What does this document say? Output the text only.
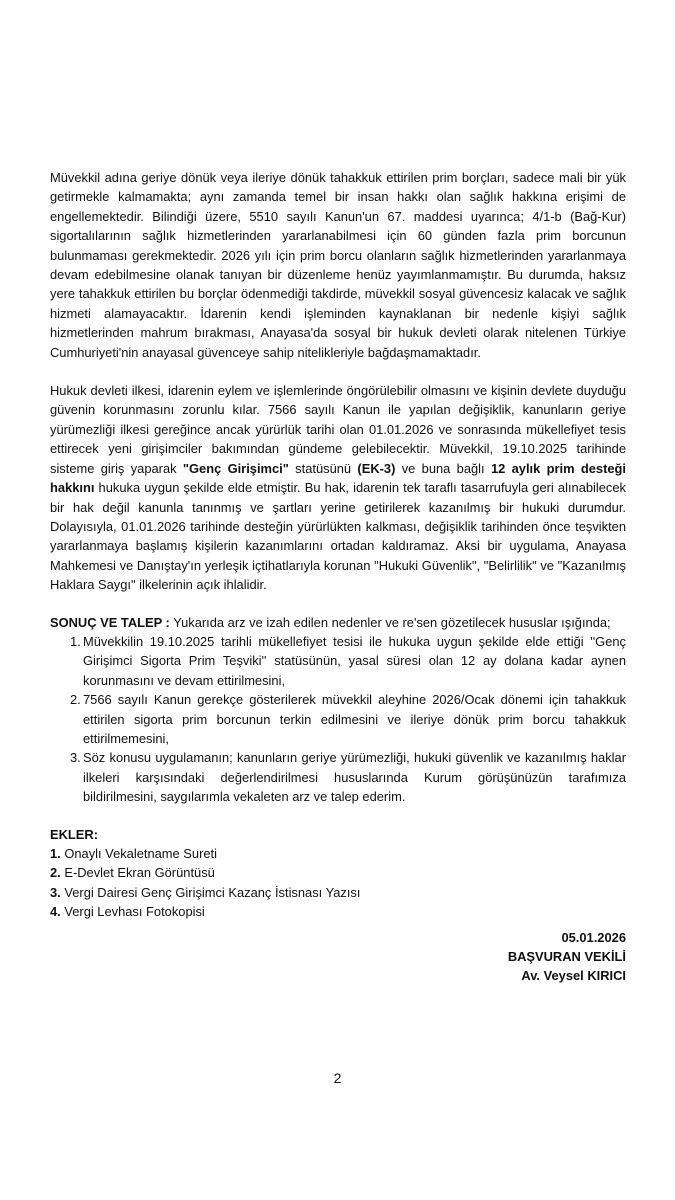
Müvekkil adına geriye dönük veya ileriye dönük tahakkuk ettirilen prim borçları, sadece mali bir yük getirmekle kalmamakta; aynı zamanda temel bir insan hakkı olan sağlık hakkına erişimi de engellemektedir. Bilindiği üzere, 5510 sayılı Kanun'un 67. maddesi uyarınca; 4/1-b (Bağ-Kur) sigortalılarının sağlık hizmetlerinden yararlanabilmesi için 60 günden fazla prim borcunun bulunmaması gerekmektedir. 2026 yılı için prim borcu olanların sağlık hizmetlerinden yararlanmaya devam edebilmesine olanak tanıyan bir düzenleme henüz yayımlanmamıştır. Bu durumda, haksız yere tahakkuk ettirilen bu borçlar ödenmediği takdirde, müvekkil sosyal güvencesiz kalacak ve sağlık hizmeti alamayacaktır. İdarenin kendi işleminden kaynaklanan bir nedenle kişiyi sağlık hizmetlerinden mahrum bırakması, Anayasa'da sosyal bir hukuk devleti olarak nitelenen Türkiye Cumhuriyeti'nin anayasal güvenceye sahip nitelikleriyle bağdaşmamaktadır.

Hukuk devleti ilkesi, idarenin eylem ve işlemlerinde öngörülebilir olmasını ve kişinin devlete duyduğu güvenin korunmasını zorunlu kılar. 7566 sayılı Kanun ile yapılan değişiklik, kanunların geriye yürümezliği ilkesi gereğince ancak yürürlük tarihi olan 01.01.2026 ve sonrasında mükellefiyet tesis ettirecek yeni girişimciler bakımından gündeme gelebilecektir. Müvekkil, 19.10.2025 tarihinde sisteme giriş yaparak "Genç Girişimci" statüsünü (EK-3) ve buna bağlı 12 aylık prim desteği hakkını hukuka uygun şekilde elde etmiştir. Bu hak, idarenin tek taraflı tasarrufuyla geri alınabilecek bir hak değil kanunla tanınmış ve şartları yerine getirilerek kazanılmış bir hukuki durumdur. Dolayısıyla, 01.01.2026 tarihinde desteğin yürürlükten kalkması, değişiklik tarihinden önce teşvikten yararlanmaya başlamış kişilerin kazanımlarını ortadan kaldıramaz. Aksi bir uygulama, Anayasa Mahkemesi ve Danıştay'ın yerleşik içtihatlarıyla korunan "Hukuki Güvenlik", "Belirlilik" ve "Kazanılmış Haklara Saygı" ilkelerinin açık ihlalidir.

SONUÇ VE TALEP : Yukarıda arz ve izah edilen nedenler ve re'sen gözetilecek hususlar ışığında;
1. Müvekkilin 19.10.2025 tarihli mükellefiyet tesisi ile hukuka uygun şekilde elde ettiği ''Genç Girişimci Sigorta Prim Teşviki'' statüsünün, yasal süresi olan 12 ay dolana kadar aynen korunmasını ve devam ettirilmesini,
2. 7566 sayılı Kanun gerekçe gösterilerek müvekkil aleyhine 2026/Ocak dönemi için tahakkuk ettirilen sigorta prim borcunun terkin edilmesini ve ileriye dönük prim borcu tahakkuk ettirilmemesini,
3. Söz konusu uygulamanın; kanunların geriye yürümezliği, hukuki güvenlik ve kazanılmış haklar ilkeleri karşısındaki değerlendirilmesi hususlarında Kurum görüşünüzün tarafımıza bildirilmesini, saygılarımla vekaleten arz ve talep ederim.
EKLER:
1. Onaylı Vekaletname Sureti
2. E-Devlet Ekran Görüntüsü
3. Vergi Dairesi Genç Girişimci Kazanç İstisnası Yazısı
4. Vergi Levhası Fotokopisi
05.01.2026
BAŞVURAN VEKİLİ
Av. Veysel KIRICI
2
